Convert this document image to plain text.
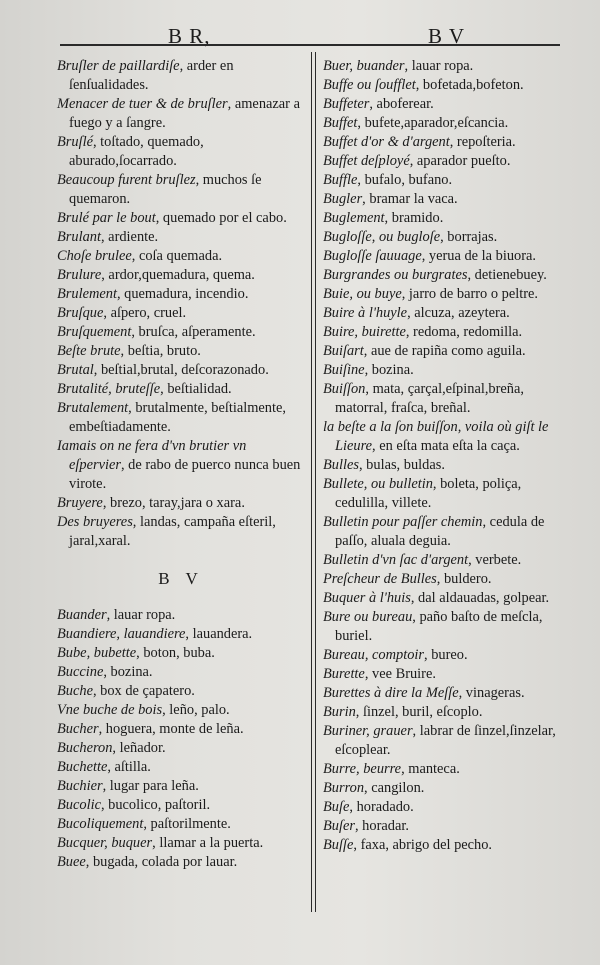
B R,	B V

Bruſler de paillardiſe, arder en ſenſualidades.

Menacer de tuer & de bruſler, amenazar a fuego y a ſangre.

Bruſlé, toſtado, quemado, aburado,ſocarrado.

Beaucoup furent bruſlez, muchos ſe quemaron.

Brulé par le bout, quemado por el cabo.

Brulant, ardiente.

Choſe brulee, coſa quemada.

Brulure, ardor,quemadura, quema.

Brulement, quemadura, incendio.

Bruſque, aſpero, cruel.

Bruſquement, bruſca, aſperamente.

Beſte brute, beſtia, bruto.

Brutal, beſtial,brutal, deſcorazonado.

Brutalité, bruteſſe, beſtialidad.

Brutalement, brutalmente, beſtialmente, embeſtiadamente.

Iamais on ne fera d'vn brutier vn eſpervier, de rabo de puerco nunca buen virote.

Bruyere, brezo, taray,jara o xara.

Des bruyeres, landas, campaña eſteril, jaral,xaral.

B V

Buander, lauar ropa.

Buandiere, lauandiere, lauandera.

Bube, bubette, boton, buba.

Buccine, bozina.

Buche, box de çapatero.

Vne buche de bois, leño, palo.

Bucher, hoguera, monte de leña.

Bucheron, leñador.

Buchette, aſtilla.

Buchier, lugar para leña.

Bucolic, bucolico, paſtoril.

Bucoliquement, paſtorilmente.

Bucquer, buquer, llamar a la puerta.

Buee, bugada, colada por lauar.

Buer, buander, lauar ropa.

Buffe ou ſoufflet, bofetada,bofeton.

Buffeter, aboferear.

Buffet, bufete,aparador,eſcancia.

Buffet d'or & d'argent, repoſteria.

Buffet deſployé, aparador pueſto.

Buffle, bufalo, bufano.

Bugler, bramar la vaca.

Buglement, bramido.

Bugloſſe, ou bugloſe, borrajas.

Bugloſſe ſauuage, yerua de la biuora.

Burgrandes ou burgrates, detienebuey.

Buie, ou buye, jarro de barro o peltre.

Buire à l'huyle, alcuza, azeytera.

Buire, buirette, redoma, redomilla.

Buiſart, aue de rapiña como aguila.

Buiſine, bozina.

Buiſſon, mata, çarçal,eſpinal,breña, matorral, fraſca, breñal.

la beſte a la ſon buiſſon, voila où giſt le Lieure, en eſta mata eſta la caça.

Bulles, bulas, buldas.

Bullete, ou bulletin, boleta, poliça, cedulilla, villete.

Bulletin pour paſſer chemin, cedula de paſſo, aluala deguia.

Bulletin d'vn ſac d'argent, verbete.

Preſcheur de Bulles, buldero.

Buquer à l'huis, dal aldauadas, golpear.

Bure ou bureau, paño baſto de meſcla, buriel.

Bureau, comptoir, bureo.

Burette, vee Bruire.

Burettes à dire la Meſſe, vinageras.

Burin, ſinzel, buril, eſcoplo.

Buriner, grauer, labrar de ſinzel,ſinzelar, eſcoplear.

Burre, beurre, manteca.

Burron, cangilon.

Buſe, horadado.

Buſer, horadar.

Buſſe, faxa, abrigo del pecho.
